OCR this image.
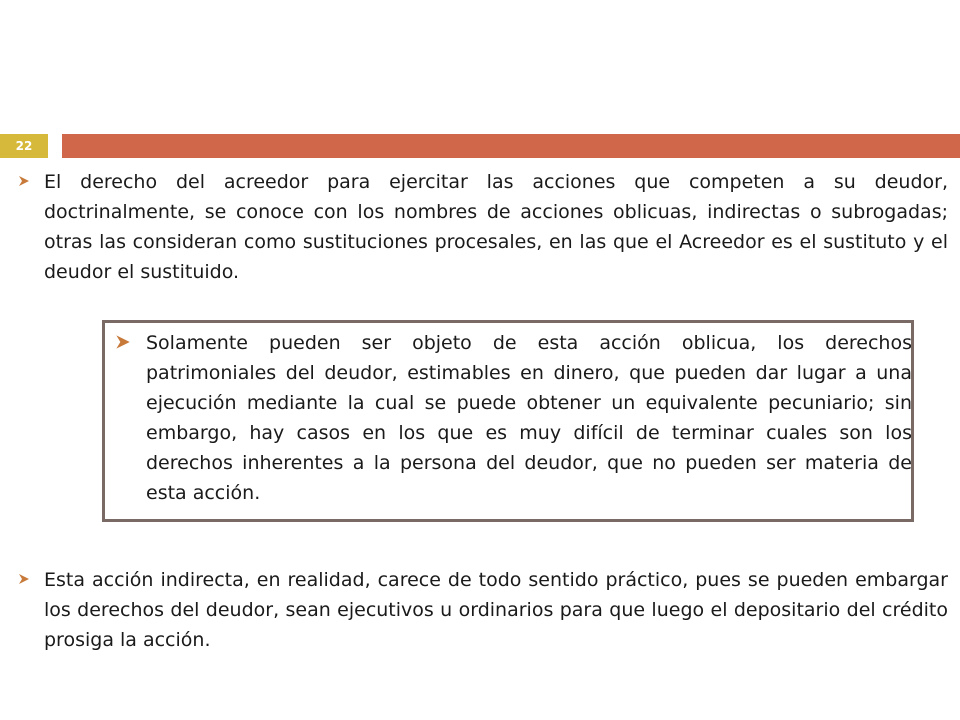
22

El derecho del acreedor para ejercitar las acciones que competen a su deudor, doctrinalmente, se conoce con los nombres de acciones oblicuas, indirectas o subrogadas; otras las consideran como sustituciones procesales, en las que el Acreedor es el sustituto y el deudor el sustituido.

Solamente pueden ser objeto de esta acción oblicua, los derechos patrimoniales del deudor, estimables en dinero, que pueden dar lugar a una ejecución mediante la cual se puede obtener un equivalente pecuniario; sin embargo, hay casos en los que es muy difícil de terminar cuales son los derechos inherentes a la persona del deudor, que no pueden ser materia de esta acción.

Esta acción indirecta, en realidad, carece de todo sentido práctico, pues se pueden embargar los derechos del deudor, sean ejecutivos u ordinarios para que luego el depositario del crédito prosiga la acción.
